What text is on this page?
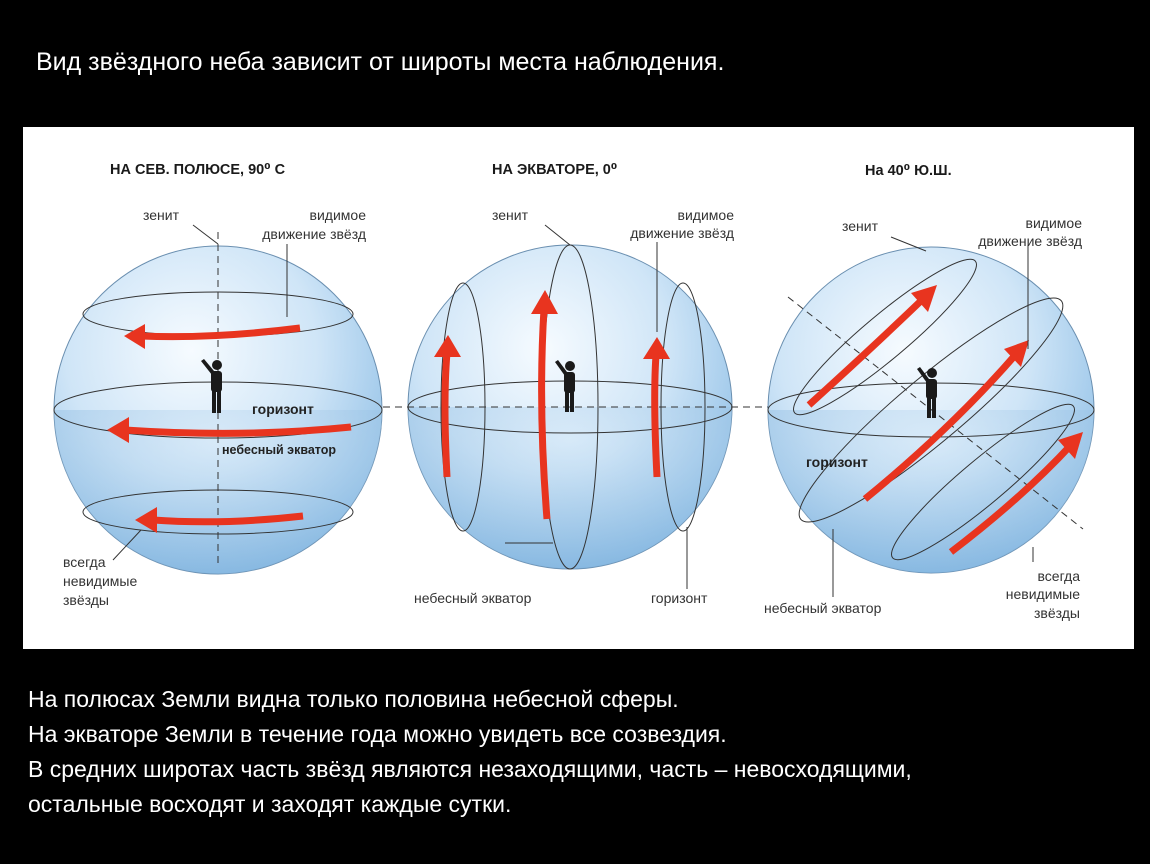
Вид звёздного неба зависит от широты места наблюдения.
НА СЕВ. ПОЛЮСЕ, 90⁰ С	НА ЭКВАТОРЕ, 0⁰	На 40⁰ Ю.Ш.
зенит	видимое
движение звёзд
горизонт
небесный экватор
всегда
невидимые
звёзды
зенит	видимое
движение звёзд
небесный экватор	горизонт
зенит	видимое
движение звёзд
горизонт
небесный экватор
всегда
невидимые
звёзды
На полюсах Земли видна только половина небесной сферы.
На экваторе Земли в течение года можно увидеть все созвездия.
В средних широтах часть звёзд являются незаходящими, часть – невосходящими,
остальные восходят и заходят каждые сутки.
